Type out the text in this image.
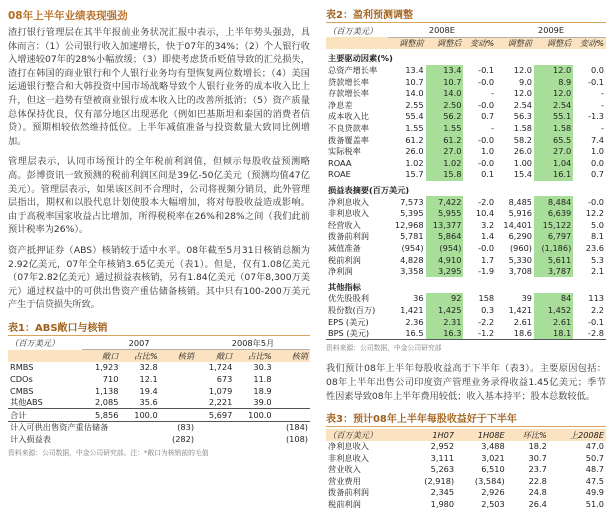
08年上半年业绩表现强劲

渣打银行管理层在其半年报前业务状况汇报中表示，上半年势头强劲，具体而言：（1）公司银行收入加速增长，快于07年的34%；（2）个人银行收入增速较07年的28%小幅放缓；（3）即使考虑货币贬值导致的汇兑损失，渣打在韩国的商业银行和个人银行业务均有望恢复两位数增长；（4）美国运通银行整合和大韩投资中国市场战略导致个人银行业务的成本收入比上升，但这一趋势有望被商业银行成本收入比的改善所抵消；（5）资产质量总体保持优良，仅有部分地区出现恶化（例如巴基斯坦和泰国的消费者信贷）。预期相较依然维持低位。上半年减值准备与投资数量大致同比例增加。

管理层表示，认同市场预计的全年税前利润值，但倾示每股收益预测略高。彭博资讯一致预测的税前利润区间是39亿-50亿美元（预测均值47亿美元）。管理层表示，如果该区间不合理时，公司将视频分销员，此外管理层指出，期权和以股代息计划使股本大幅增加，将对每股收益造成影响。由于高税率国家收益占比增加，所得税税率在26%和28%之间（我们此前预计税率为26%）。

资产抵押证券（ABS）核销较于适中水平。08年截至5月31日核销总额为2.92亿美元，07年全年核销3.65亿美元（表1）。但是，仅有1.08亿美元（07年2.82亿美元）通过损益表核销，另有1.84亿美元（07年8,300万美元）通过权益中的可供出售资产重估储备核销。其中只有100-200万美元产生于信贷损失所致。

表1：ABS敞口与核销
（百万美元）	2007			2008年5月		
	敞口	占比%	核销	敞口	占比%	核销
RMBS	1,923	32.8		1,724	30.3	
CDOs	710	12.1		673	11.8	
CMBS	1,138	19.4		1,079	18.9	
其他ABS	2,085	35.6		2,221	39.0	
合计	5,856	100.0		5,697	100.0	
计入可供出售资产重估储备			(83)			(184)
计入损益表			(282)			(108)
资料来源：公司数据，中金公司研究部。注：*敞口为核销前的毛值
表2：盈利预测调整
（百万美元）	2008E			2009E		
	调整前	调整后	变动%	调整前	调整后	变动%
主要驱动因素(%)						
总资产增长率	13.4	13.4	-0.1	12.0	12.0	0.0
贷款增长率	10.7	10.7	-0.0	9.0	8.9	-0.1
存款增长率	14.0	14.0	-	12.0	12.0	-
净息差	2.55	2.50	-0.0	2.54	2.54	-
成本收入比	55.4	56.2	0.7	56.3	55.1	-1.3
不良贷款率	1.55	1.55	-	1.58	1.58	-
拨备覆盖率	61.2	61.2	-0.0	58.2	65.5	7.4
实际税率	26.0	27.0	1.0	26.0	27.0	1.0
ROAA	1.02	1.02	-0.0	1.00	1.04	0.0
ROAE	15.7	15.8	0.1	15.4	16.1	0.7
损益表摘要(百万美元)						
净利息收入	7,573	7,422	-2.0	8,485	8,484	-0.0
非利息收入	5,395	5,955	10.4	5,916	6,639	12.2
经营收入	12,968	13,377	3.2	14,401	15,122	5.0
拨备前利润	5,781	5,864	1.4	6,290	6,797	8.1
减值准备	(954)	(954)	-0.0	(960)	(1,186)	23.6
税前利润	4,828	4,910	1.7	5,330	5,611	5.3
净利润	3,358	3,295	-1.9	3,708	3,787	2.1
其他指标						
优先股股利	36	92	158	39	84	113
股份数(百万)	1,421	1,425	0.3	1,421	1,452	2.2
EPS (美元)	2.36	2.31	-2.2	2.61	2.61	-0.1
BPS (美元)	16.5	16.3	-1.2	18.6	18.1	-2.8
资料来源：公司数据，中金公司研究部

我们预计08年上半年每股收益高于下半年（表3）。主要原因包括：08年上半年出售公司印度资产管理业务录得收益1.45亿美元；季节性因素导致08年上半年费用较低；收入基本持平；股本总数较低。

表3：预计08年上半年每股收益好于下半年
（百万美元）	1H07	1H08E	环比%	上2008E
净利息收入	2,952	3,488	18.2	47.0
非利息收入	3,111	3,021	30.7	50.7
营业收入	5,263	6,510	23.7	48.7
营业费用	(2,918)	(3,584)	22.8	47.5
拨备前利润	2,345	2,926	24.8	49.9
税前利润	1,980	2,503	26.4	51.0
